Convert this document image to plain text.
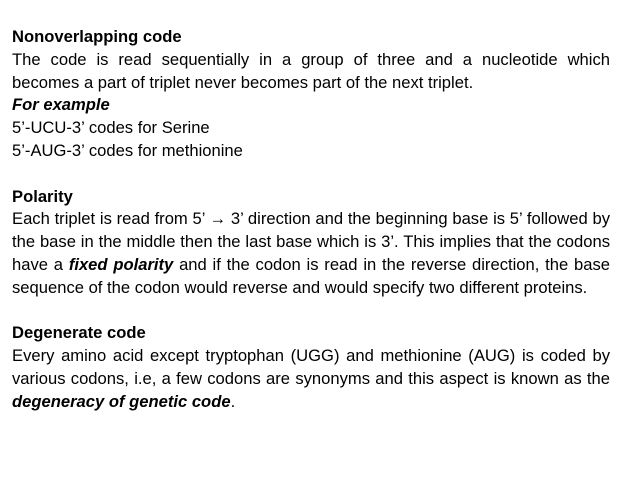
Nonoverlapping code
The code is read sequentially in a group of three and a nucleotide which becomes a part of triplet never becomes part of the next triplet.
For example
5’-UCU-3’ codes for Serine
5’-AUG-3’ codes for methionine
Polarity
Each triplet is read from 5’ → 3’ direction and the beginning base is 5’ followed by the base in the middle then the last base which is 3’. This implies that the codons have a fixed polarity and if the codon is read in the reverse direction, the base sequence of the codon would reverse and would specify two different proteins.
Degenerate code
Every amino acid except tryptophan (UGG) and methionine (AUG) is coded by various codons, i.e, a few codons are synonyms and this aspect is known as the degeneracy of genetic code.
